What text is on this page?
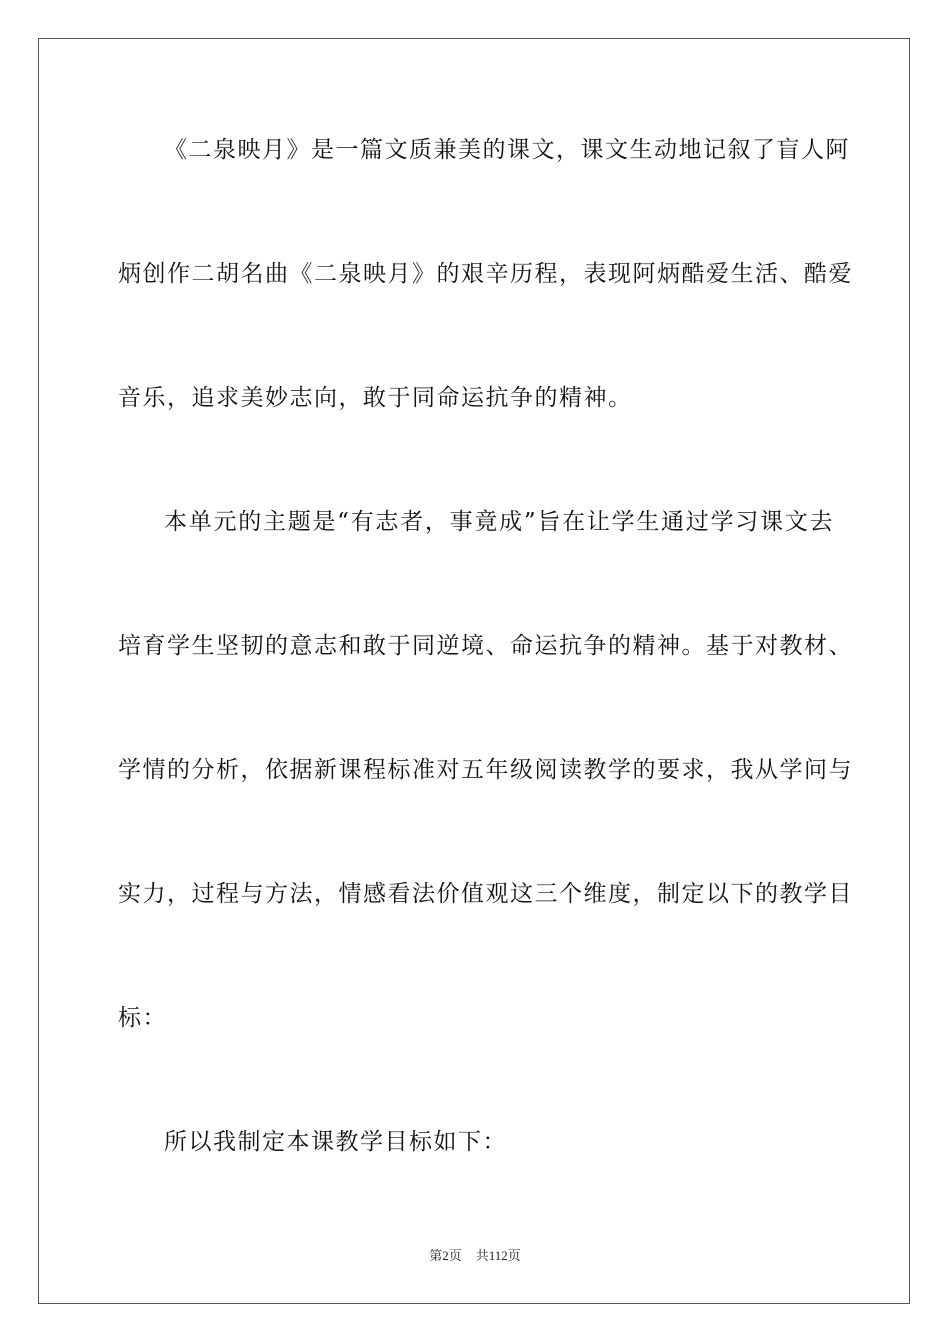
《二泉映月》是一篇文质兼美的课文，课文生动地记叙了盲人阿
炳创作二胡名曲《二泉映月》的艰辛历程，表现阿炳酷爱生活、酷爱
音乐，追求美妙志向，敢于同命运抗争的精神。
本单元的主题是“有志者，事竟成”旨在让学生通过学习课文去
培育学生坚韧的意志和敢于同逆境、命运抗争的精神。基于对教材、
学情的分析，依据新课程标准对五年级阅读教学的要求，我从学问与
实力，过程与方法，情感看法价值观这三个维度，制定以下的教学目
标：
所以我制定本课教学目标如下：
第2页 共112页
